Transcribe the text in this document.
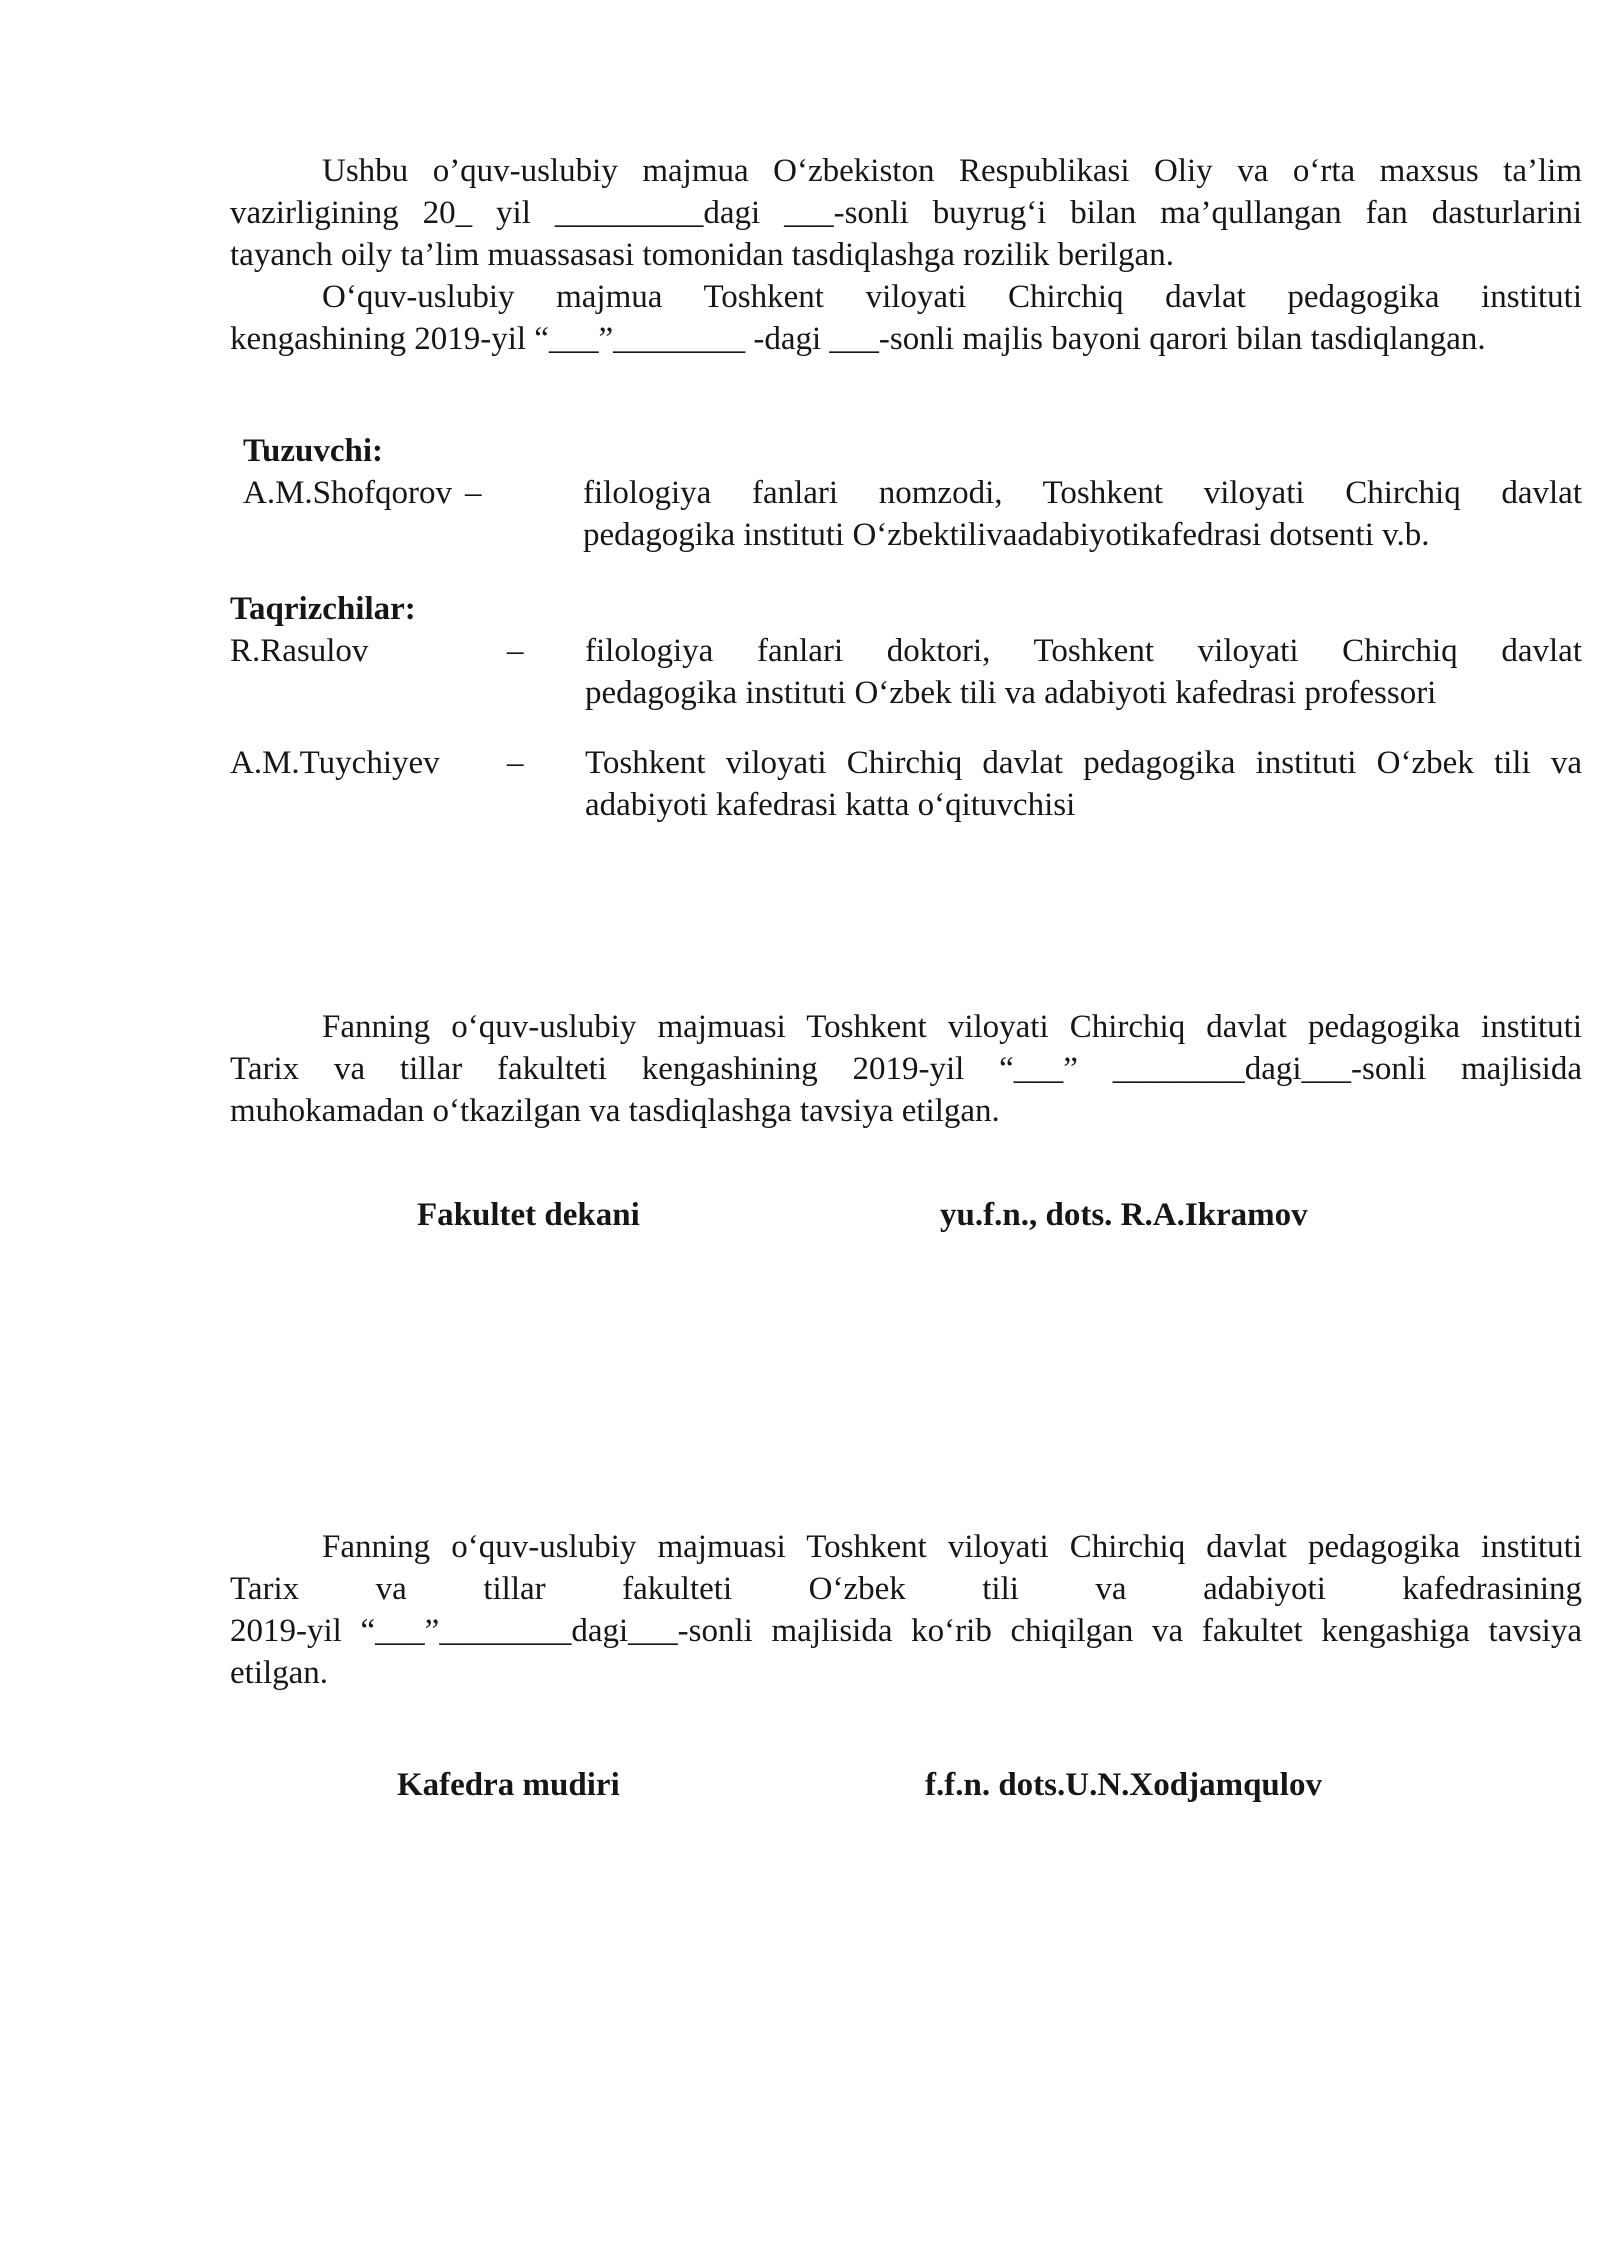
Ushbu o’quv-uslubiy majmua Oʻzbekiston Respublikasi Oliy va oʻrta maxsus ta’lim
vazirligining 20_ yil _________dagi ___-sonli buyrugʻi bilan ma’qullangan fan dasturlarini
tayanch oily ta’lim muassasasi tomonidan tasdiqlashga rozilik berilgan.
Oʻquv-uslubiy majmua Toshkent viloyati Chirchiq davlat pedagogika instituti
kengashining 2019-yil “___”________ -dagi ___-sonli majlis bayoni qarori bilan tasdiqlangan.
Tuzuvchi:
A.M.Shofqorov –	filologiya fanlari nomzodi, Toshkent viloyati Chirchiq davlat
pedagogika instituti Oʻzbektilivaadabiyotikafedrasi dotsenti v.b.
Taqrizchilar:
R.Rasulov	–	filologiya fanlari doktori, Toshkent viloyati Chirchiq davlat
pedagogika instituti Oʻzbek tili va adabiyoti kafedrasi professori
A.M.Tuychiyev	–	Toshkent viloyati Chirchiq davlat pedagogika instituti Oʻzbek tili va
adabiyoti kafedrasi katta oʻqituvchisi
Fanning oʻquv-uslubiy majmuasi Toshkent viloyati Chirchiq davlat pedagogika instituti
Tarix va tillar fakulteti kengashining 2019-yil “___” ________dagi___-sonli majlisida
muhokamadan oʻtkazilgan va tasdiqlashga tavsiya etilgan.
Fakultet dekani	yu.f.n., dots. R.A.Ikramov
Fanning oʻquv-uslubiy majmuasi Toshkent viloyati Chirchiq davlat pedagogika instituti
Tarix va tillar fakulteti Oʻzbek tili va adabiyoti kafedrasining
2019-yil “___”________dagi___-sonli majlisida koʻrib chiqilgan va fakultet kengashiga tavsiya
etilgan.
Kafedra mudiri	f.f.n. dots.U.N.Xodjamqulov
